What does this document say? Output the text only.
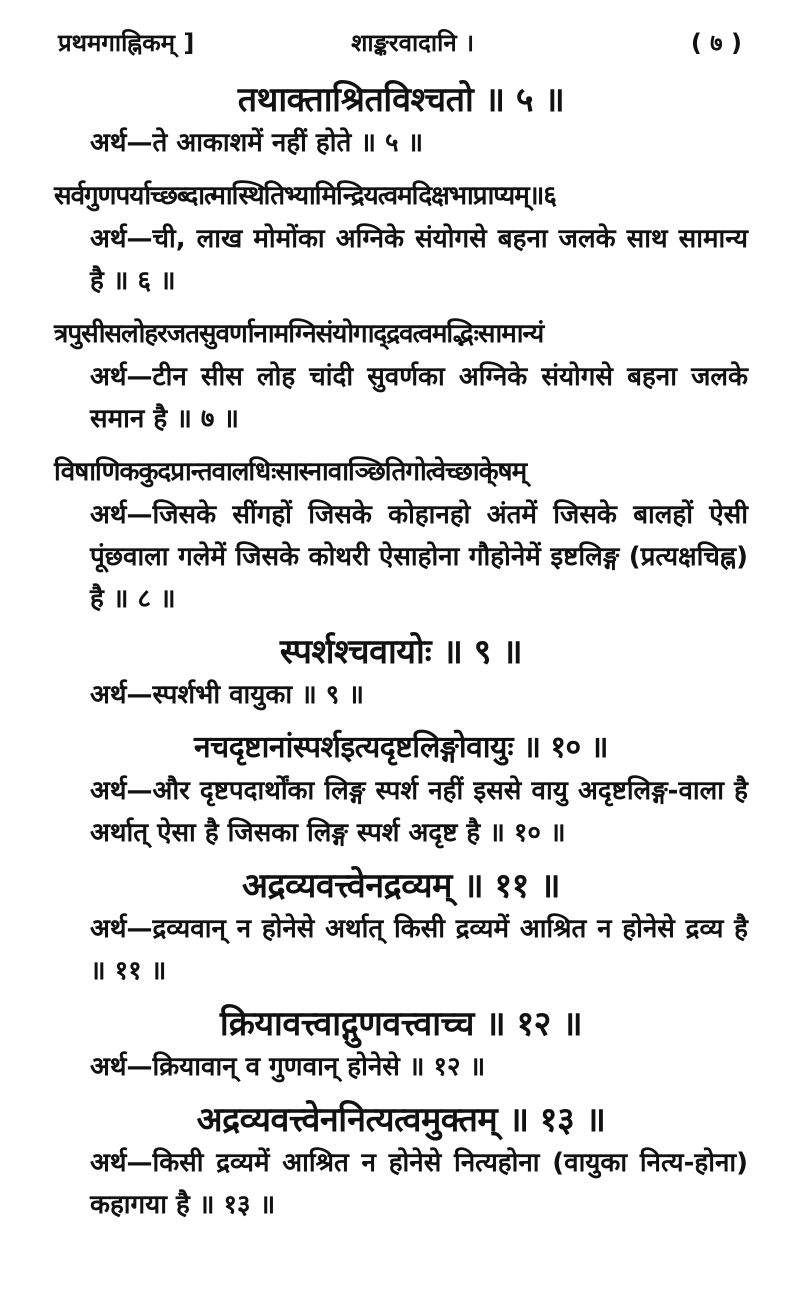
प्रथमगाह्निकम् ]	शाङ्करवादानि ।	( ७ )
तथाक्ताश्रितविश्चतो ॥ ५ ॥
अर्थ—ते आकाशमें नहीं होते ॥ ५ ॥
सर्वगुणपर्याच्छब्दात्मास्थितिभ्यामिन्द्रियत्वमदिक्षभाप्राप्यम्॥६
अर्थ—ची, लाख मोमोंका अग्निके संयोगसे बहना जलके साथ सामान्य है ॥ ६ ॥
त्रपुसीसलोहरजतसुवर्णानामग्निसंयोगाद्द्रवत्वमद्भिःसामान्यं
अर्थ—टीन सीस लोह चांदी सुवर्णका अग्निके संयोगसे बहना जलके समान है ॥ ७ ॥
विषाणिककुदप्रान्तवालधिःसास्नावाञ्छितिगोत्वेच्छाके्षम्
अर्थ—जिसके सींगहों जिसके कोहानहो अंतमें जिसके बालहों ऐसी पूंछवाला गलेमें जिसके कोथरी ऐसाहोना गौहोनेमें इष्टलिङ्ग (प्रत्यक्षचिह्न) है ॥ ८ ॥
स्पर्शश्चवायोः ॥ ९ ॥
अर्थ—स्पर्शभी वायुका ॥ ९ ॥
नचदृष्टानांस्पर्शइत्यदृष्टलिङ्गोवायुः ॥ १० ॥
अर्थ—और दृष्टपदार्थोंका लिङ्ग स्पर्श नहीं इससे वायु अदृष्टलिङ्ग-वाला है अर्थात् ऐसा है जिसका लिङ्ग स्पर्श अदृष्ट है ॥ १० ॥
अद्रव्यवत्त्वेनद्रव्यम् ॥ ११ ॥
अर्थ—द्रव्यवान् न होनेसे अर्थात् किसी द्रव्यमें आश्रित न होनेसे द्रव्य है ॥ ११ ॥
क्रियावत्त्वाद्गुणवत्त्वाच्च ॥ १२ ॥
अर्थ—क्रियावान् व गुणवान् होनेसे ॥ १२ ॥
अद्रव्यवत्त्वेननित्यत्वमुक्तम् ॥ १३ ॥
अर्थ—किसी द्रव्यमें आश्रित न होनेसे नित्यहोना (वायुका नित्य-होना) कहागया है ॥ १३ ॥
